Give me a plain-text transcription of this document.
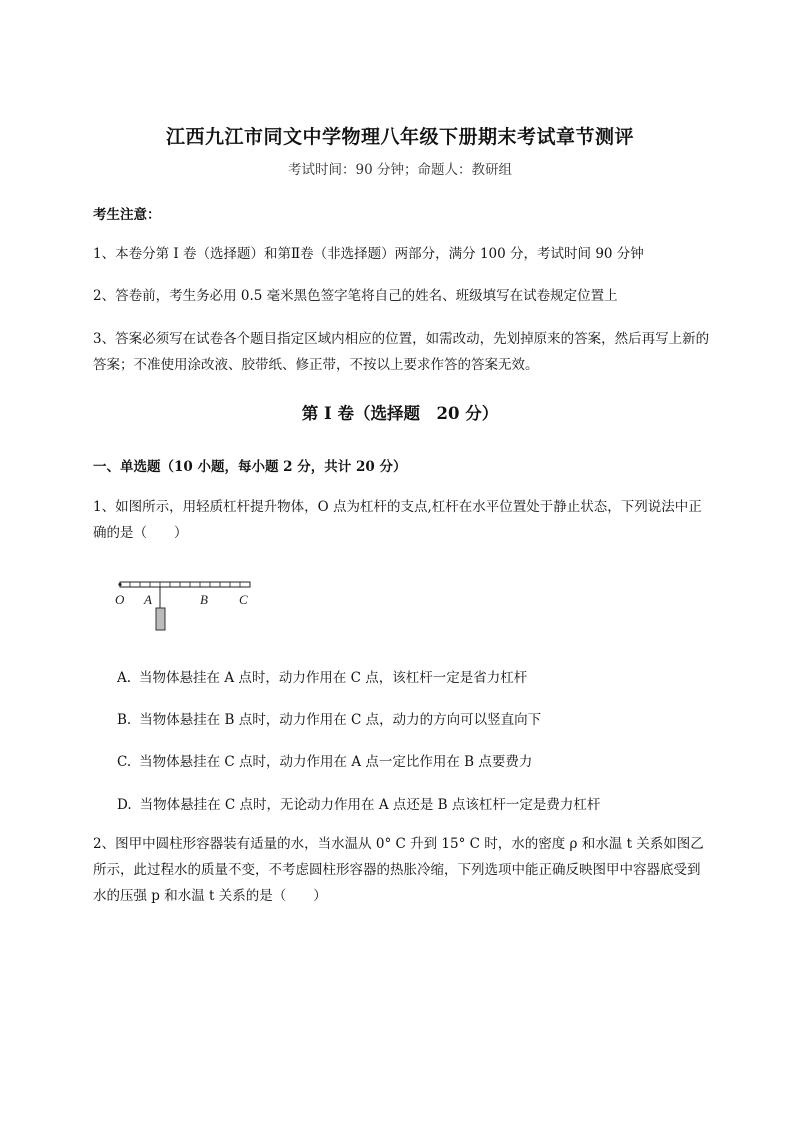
江西九江市同文中学物理八年级下册期末考试章节测评
考试时间：90 分钟；命题人：教研组
考生注意：
1、本卷分第 I 卷（选择题）和第Ⅱ卷（非选择题）两部分，满分 100 分，考试时间 90 分钟
2、答卷前，考生务必用 0.5 毫米黑色签字笔将自己的姓名、班级填写在试卷规定位置上
3、答案必须写在试卷各个题目指定区域内相应的位置，如需改动，先划掉原来的答案，然后再写上新的答案；不准使用涂改液、胶带纸、修正带，不按以上要求作答的答案无效。
第 I 卷（选择题　20 分）
一、单选题（10 小题，每小题 2 分，共计 20 分）
1、如图所示，用轻质杠杆提升物体，O 点为杠杆的支点,杠杆在水平位置处于静止状态，下列说法中正确的是（　　）
O A	B C
A. 当物体悬挂在 A 点时，动力作用在 C 点，该杠杆一定是省力杠杆
B. 当物体悬挂在 B 点时，动力作用在 C 点，动力的方向可以竖直向下
C. 当物体悬挂在 C 点时，动力作用在 A 点一定比作用在 B 点要费力
D. 当物体悬挂在 C 点时，无论动力作用在 A 点还是 B 点该杠杆一定是费力杠杆
2、图甲中圆柱形容器装有适量的水，当水温从 0° C 升到 15° C 时，水的密度 ρ 和水温 t 关系如图乙所示，此过程水的质量不变，不考虑圆柱形容器的热胀冷缩，下列选项中能正确反映图甲中容器底受到水的压强 p 和水温 t 关系的是（　　）
